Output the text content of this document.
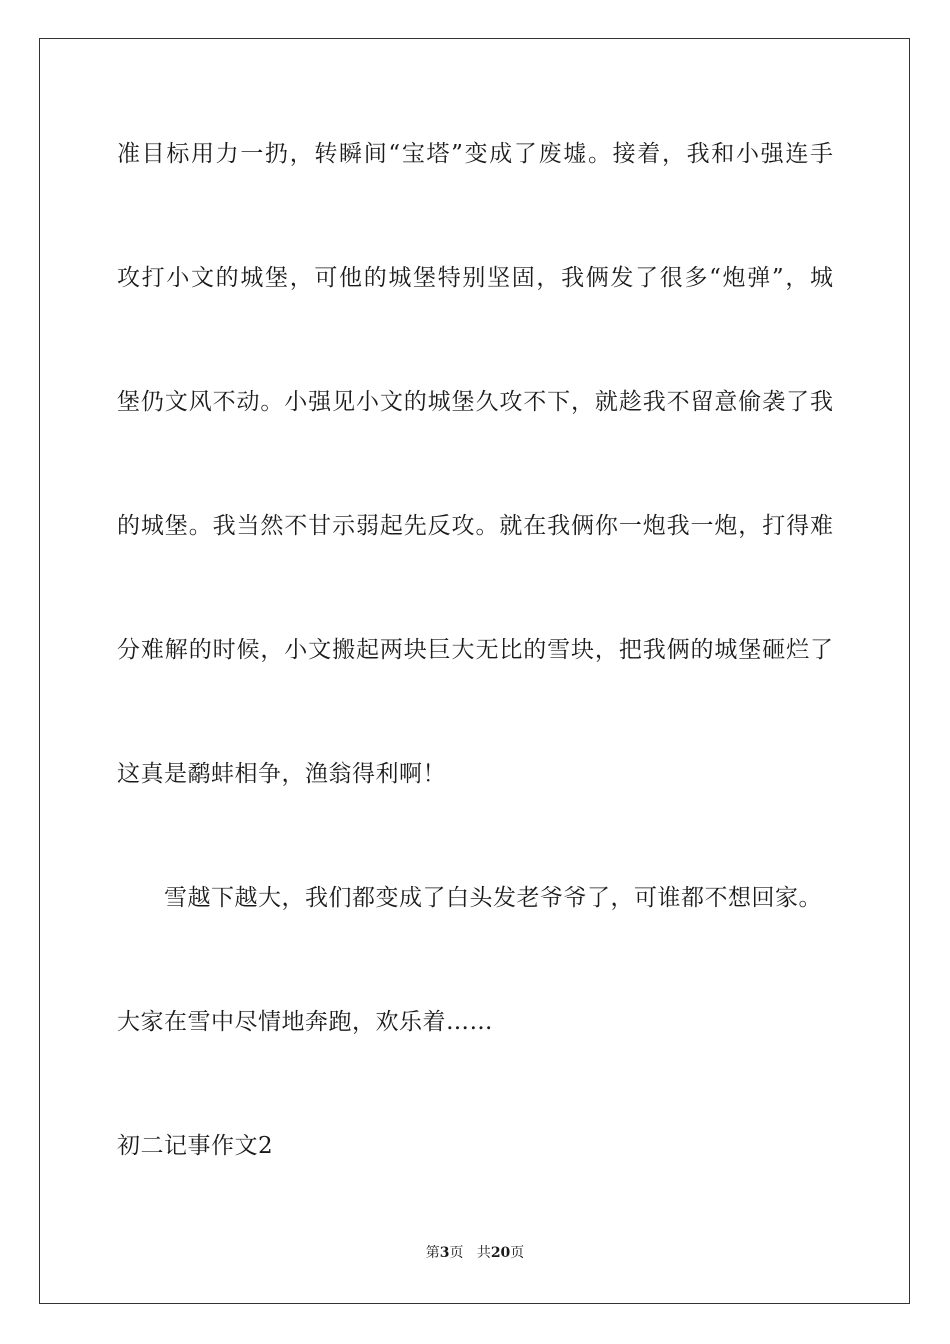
准目标用力一扔，转瞬间“宝塔”变成了废墟。接着，我和小强连手
攻打小文的城堡，可他的城堡特别坚固，我俩发了很多“炮弹”，城
堡仍文风不动。小强见小文的城堡久攻不下，就趁我不留意偷袭了我
的城堡。我当然不甘示弱起先反攻。就在我俩你一炮我一炮，打得难
分难解的时候，小文搬起两块巨大无比的雪块，把我俩的城堡砸烂了
这真是鹬蚌相争，渔翁得利啊！
雪越下越大，我们都变成了白头发老爷爷了，可谁都不想回家。
大家在雪中尽情地奔跑，欢乐着……
初二记事作文2
第3页 共20页
